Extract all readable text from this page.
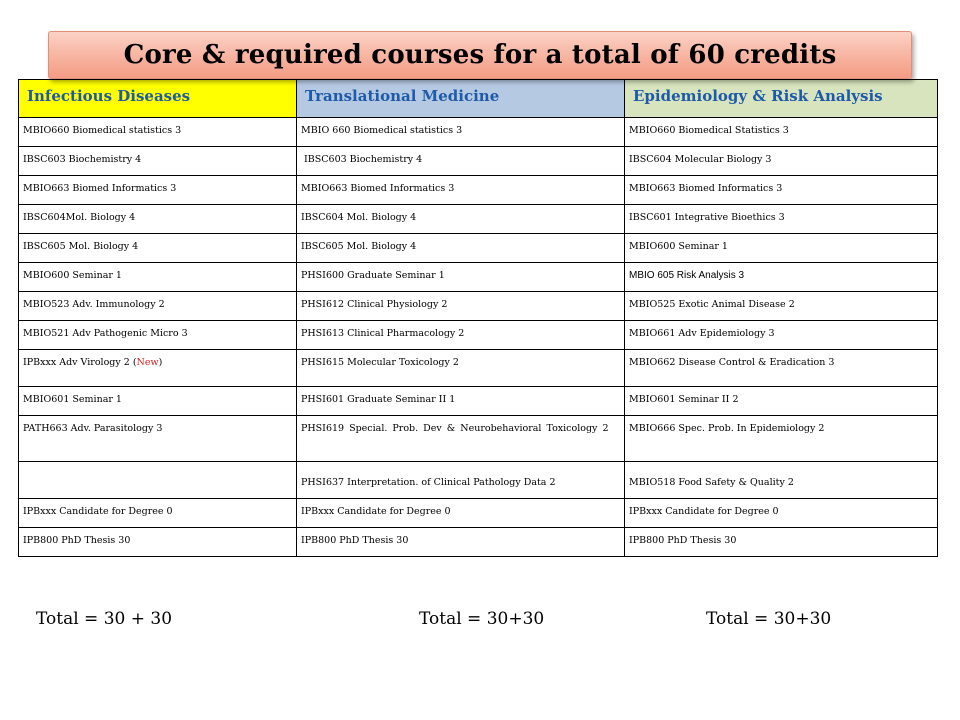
Core & required courses for a total of 60 credits
Infectious Diseases	Translational Medicine	Epidemiology & Risk Analysis
MBIO660 Biomedical statistics 3	MBIO 660 Biomedical statistics 3	MBIO660 Biomedical Statistics 3
IBSC603 Biochemistry 4	IBSC603 Biochemistry 4	IBSC604 Molecular Biology 3
MBIO663 Biomed Informatics 3	MBIO663 Biomed Informatics 3	MBIO663 Biomed Informatics 3
IBSC604Mol. Biology 4	IBSC604 Mol. Biology 4	IBSC601 Integrative Bioethics 3
IBSC605 Mol. Biology 4	IBSC605 Mol. Biology 4	MBIO600 Seminar 1
MBIO600 Seminar 1	PHSI600 Graduate Seminar 1	MBIO 605 Risk Analysis 3
MBIO523 Adv. Immunology 2	PHSI612 Clinical Physiology 2	MBIO525 Exotic Animal Disease 2
MBIO521 Adv Pathogenic Micro 3	PHSI613 Clinical Pharmacology 2	MBIO661 Adv Epidemiology 3
IPBxxx Adv Virology 2 (New)	PHSI615 Molecular Toxicology 2	MBIO662 Disease Control & Eradication 3
MBIO601 Seminar 1	PHSI601 Graduate Seminar II 1	MBIO601 Seminar II 2
PATH663 Adv. Parasitology 3	PHSI619 Special. Prob. Dev & Neurobehavioral Toxicology 2	MBIO666 Spec. Prob. In Epidemiology 2
	PHSI637 Interpretation. of Clinical Pathology Data 2	MBIO518 Food Safety & Quality 2
IPBxxx Candidate for Degree 0	IPBxxx Candidate for Degree 0	IPBxxx Candidate for Degree 0
IPB800 PhD Thesis 30	IPB800 PhD Thesis 30	IPB800 PhD Thesis 30
Total = 30 + 30	Total = 30+30	Total = 30+30
